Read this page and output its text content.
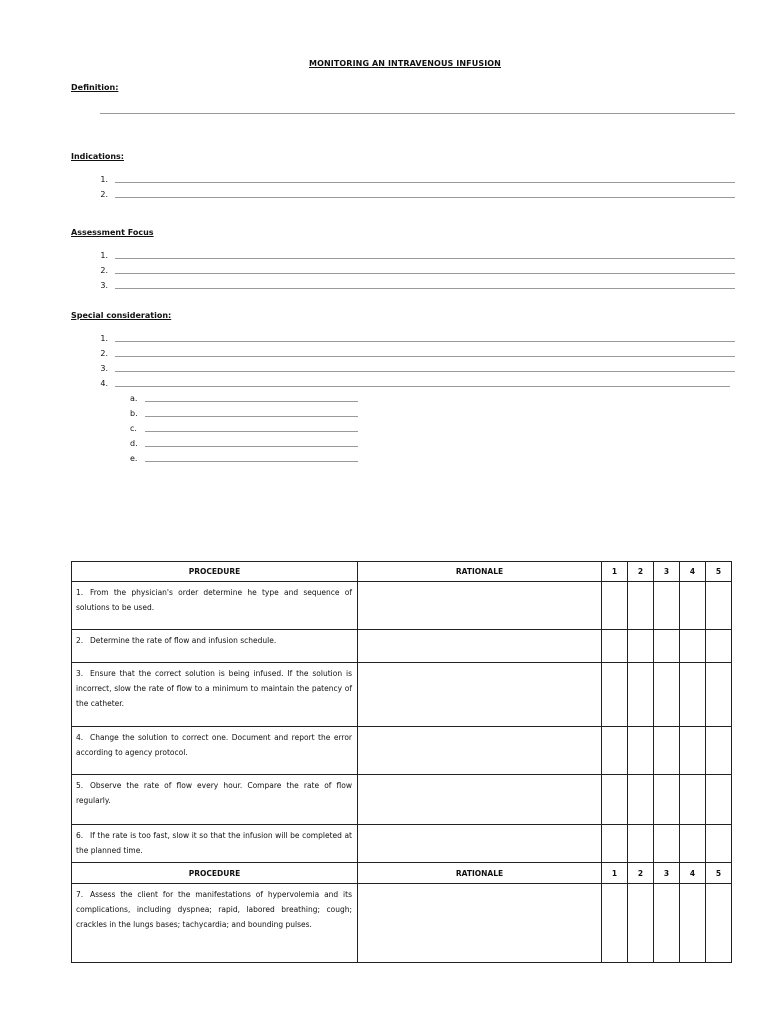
MONITORING AN INTRAVENOUS INFUSION
Definition:
Indications:
1.
2.
Assessment Focus
1.
2.
3.
Special consideration:
1.
2.
3.
4.
a.
b.
c.
d.
e.
PROCEDURE	RATIONALE	1	2	3	4	5

1. From the physician's order determine he type and sequence of solutions to be used.						

2. Determine the rate of flow and infusion schedule.						

3. Ensure that the correct solution is being infused. If the solution is incorrect, slow the rate of flow to a minimum to maintain the patency of the catheter.						

4. Change the solution to correct one. Document and report the error according to agency protocol.						

5. Observe the rate of flow every hour. Compare the rate of flow regularly.						

6. If the rate is too fast, slow it so that the infusion will be completed at the planned time.						

PROCEDURE	RATIONALE	1	2	3	4	5

7. Assess the client for the manifestations of hypervolemia and its complications, including dyspnea; rapid, labored breathing; cough; crackles in the lungs bases; tachycardia; and bounding pulses.						
